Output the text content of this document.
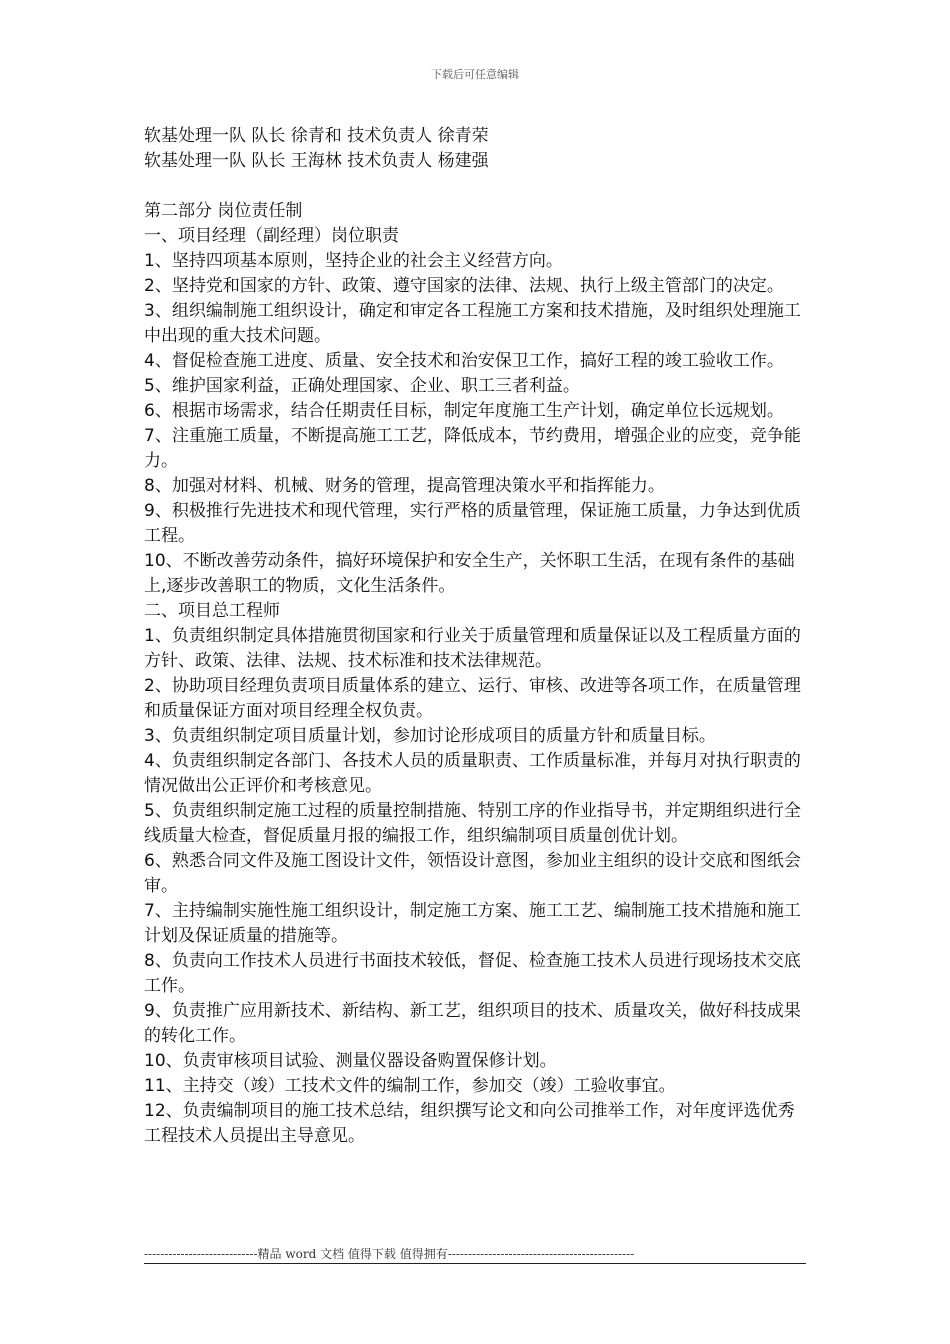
下载后可任意编辑

软基处理一队 队长 徐青和 技术负责人 徐青荣

软基处理一队 队长 王海林 技术负责人 杨建强

第二部分 岗位责任制

一、项目经理（副经理）岗位职责

1、坚持四项基本原则，坚持企业的社会主义经营方向。

2、坚持党和国家的方针、政策、遵守国家的法律、法规、执行上级主管部门的决定。

3、组织编制施工组织设计，确定和审定各工程施工方案和技术措施，及时组织处理施工中出现的重大技术问题。

4、督促检查施工进度、质量、安全技术和治安保卫工作，搞好工程的竣工验收工作。

5、维护国家利益，正确处理国家、企业、职工三者利益。

6、根据市场需求，结合任期责任目标，制定年度施工生产计划，确定单位长远规划。

7、注重施工质量，不断提高施工工艺，降低成本，节约费用，增强企业的应变，竞争能力。

8、加强对材料、机械、财务的管理，提高管理决策水平和指挥能力。

9、积极推行先进技术和现代管理，实行严格的质量管理，保证施工质量，力争达到优质工程。

10、不断改善劳动条件，搞好环境保护和安全生产，关怀职工生活，在现有条件的基础上,逐步改善职工的物质，文化生活条件。

二、项目总工程师

1、负责组织制定具体措施贯彻国家和行业关于质量管理和质量保证以及工程质量方面的方针、政策、法律、法规、技术标准和技术法律规范。

2、协助项目经理负责项目质量体系的建立、运行、审核、改进等各项工作，在质量管理和质量保证方面对项目经理全权负责。

3、负责组织制定项目质量计划，参加讨论形成项目的质量方针和质量目标。

4、负责组织制定各部门、各技术人员的质量职责、工作质量标准，并每月对执行职责的情况做出公正评价和考核意见。

5、负责组织制定施工过程的质量控制措施、特别工序的作业指导书，并定期组织进行全线质量大检查，督促质量月报的编报工作，组织编制项目质量创优计划。

6、熟悉合同文件及施工图设计文件，领悟设计意图，参加业主组织的设计交底和图纸会审。

7、主持编制实施性施工组织设计，制定施工方案、施工工艺、编制施工技术措施和施工计划及保证质量的措施等。

8、负责向工作技术人员进行书面技术较低，督促、检查施工技术人员进行现场技术交底工作。

9、负责推广应用新技术、新结构、新工艺，组织项目的技术、质量攻关，做好科技成果的转化工作。

10、负责审核项目试验、测量仪器设备购置保修计划。

11、主持交（竣）工技术文件的编制工作，参加交（竣）工验收事宜。

12、负责编制项目的施工技术总结，组织撰写论文和向公司推举工作，对年度评选优秀工程技术人员提出主导意见。

----------------------------精品 word 文档 值得下载 值得拥有----------------------------------------------
